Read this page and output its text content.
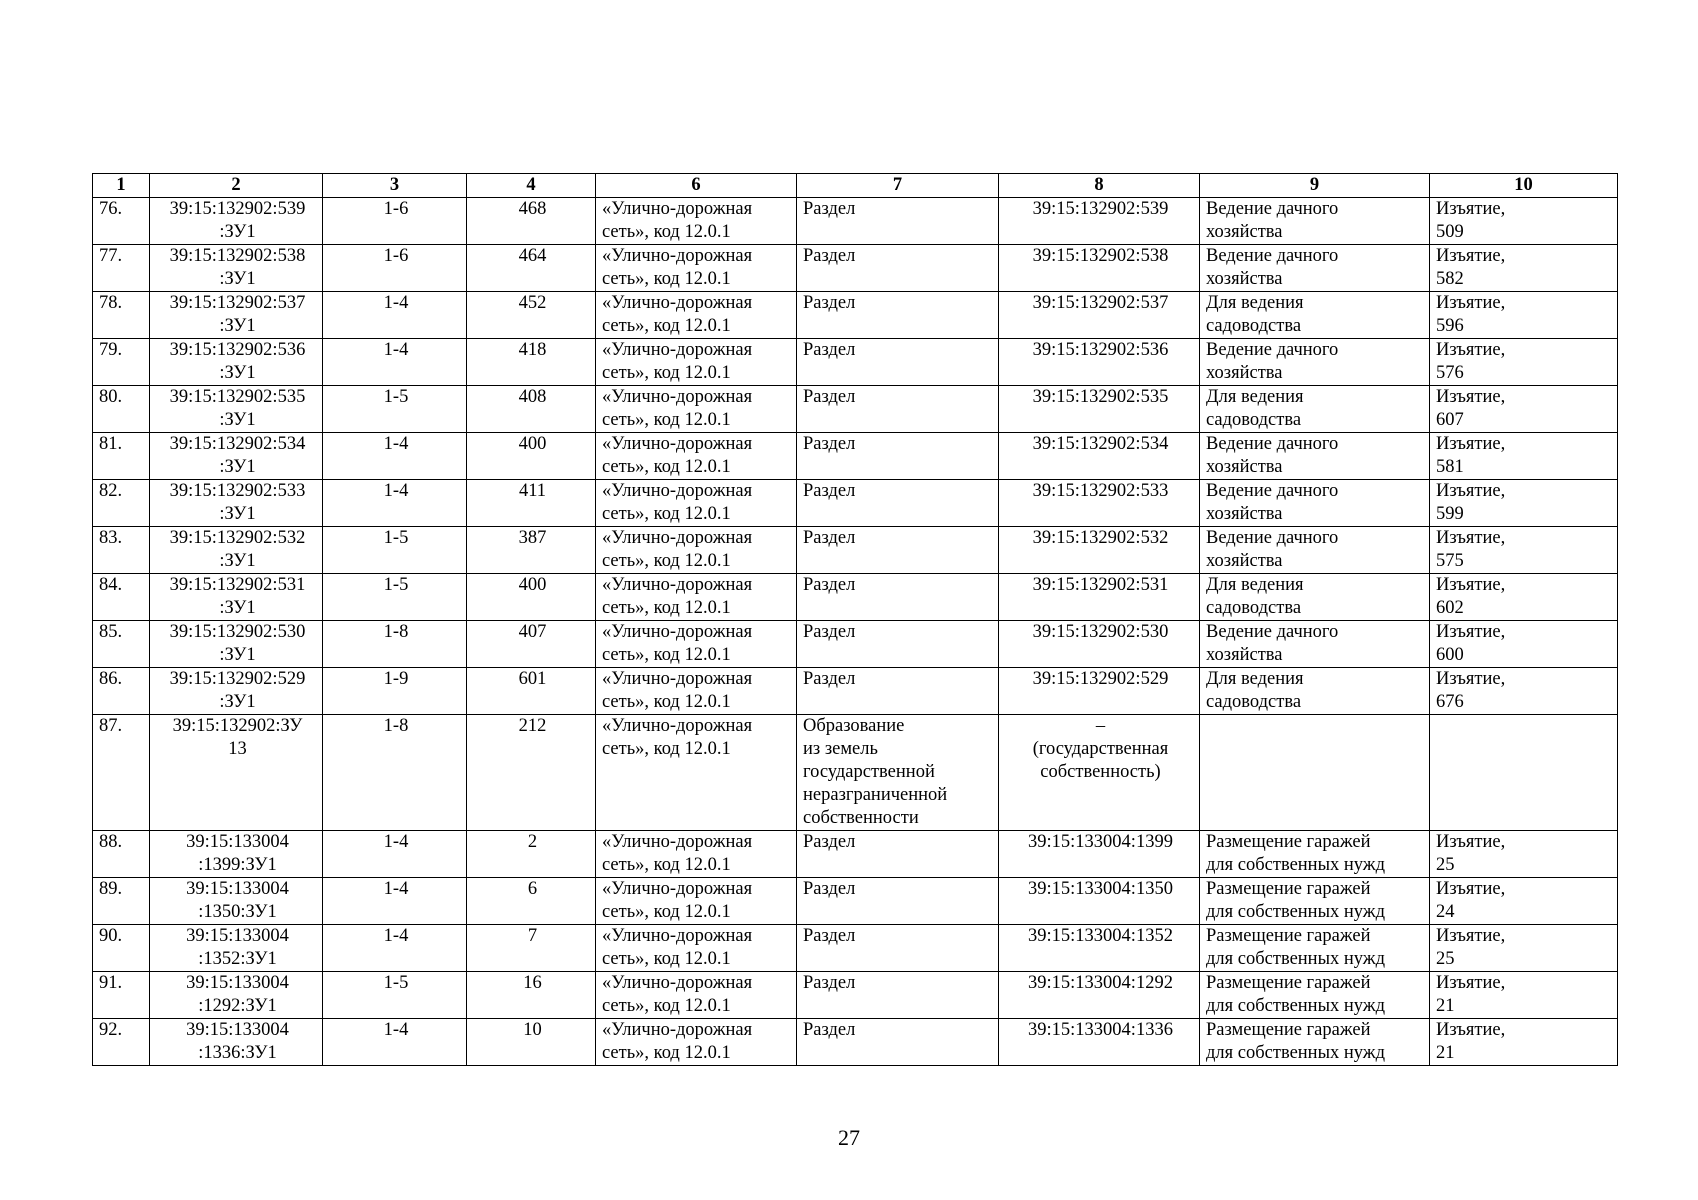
1	2	3	4	6	7	8	9	10
76.	39:15:132902:539
:ЗУ1	1-6	468	«Улично-дорожная
сеть», код 12.0.1	Раздел	39:15:132902:539	Ведение дачного
хозяйства	Изъятие,
509

77.	39:15:132902:538
:ЗУ1	1-6	464	«Улично-дорожная
сеть», код 12.0.1	Раздел	39:15:132902:538	Ведение дачного
хозяйства	Изъятие,
582

78.	39:15:132902:537
:ЗУ1	1-4	452	«Улично-дорожная
сеть», код 12.0.1	Раздел	39:15:132902:537	Для ведения
садоводства	Изъятие,
596

79.	39:15:132902:536
:ЗУ1	1-4	418	«Улично-дорожная
сеть», код 12.0.1	Раздел	39:15:132902:536	Ведение дачного
хозяйства	Изъятие,
576

80.	39:15:132902:535
:ЗУ1	1-5	408	«Улично-дорожная
сеть», код 12.0.1	Раздел	39:15:132902:535	Для ведения
садоводства	Изъятие,
607

81.	39:15:132902:534
:ЗУ1	1-4	400	«Улично-дорожная
сеть», код 12.0.1	Раздел	39:15:132902:534	Ведение дачного
хозяйства	Изъятие,
581

82.	39:15:132902:533
:ЗУ1	1-4	411	«Улично-дорожная
сеть», код 12.0.1	Раздел	39:15:132902:533	Ведение дачного
хозяйства	Изъятие,
599

83.	39:15:132902:532
:ЗУ1	1-5	387	«Улично-дорожная
сеть», код 12.0.1	Раздел	39:15:132902:532	Ведение дачного
хозяйства	Изъятие,
575

84.	39:15:132902:531
:ЗУ1	1-5	400	«Улично-дорожная
сеть», код 12.0.1	Раздел	39:15:132902:531	Для ведения
садоводства	Изъятие,
602

85.	39:15:132902:530
:ЗУ1	1-8	407	«Улично-дорожная
сеть», код 12.0.1	Раздел	39:15:132902:530	Ведение дачного
хозяйства	Изъятие,
600

86.	39:15:132902:529
:ЗУ1	1-9	601	«Улично-дорожная
сеть», код 12.0.1	Раздел	39:15:132902:529	Для ведения
садоводства	Изъятие,
676

87.	39:15:132902:ЗУ
13	1-8	212	«Улично-дорожная
сеть», код 12.0.1	Образование
из земель
государственной
неразграниченной
собственности	–
(государственная
собственность)		

88.	39:15:133004
:1399:ЗУ1	1-4	2	«Улично-дорожная
сеть», код 12.0.1	Раздел	39:15:133004:1399	Размещение гаражей
для собственных нужд	Изъятие,
25

89.	39:15:133004
:1350:ЗУ1	1-4	6	«Улично-дорожная
сеть», код 12.0.1	Раздел	39:15:133004:1350	Размещение гаражей
для собственных нужд	Изъятие,
24

90.	39:15:133004
:1352:ЗУ1	1-4	7	«Улично-дорожная
сеть», код 12.0.1	Раздел	39:15:133004:1352	Размещение гаражей
для собственных нужд	Изъятие,
25

91.	39:15:133004
:1292:ЗУ1	1-5	16	«Улично-дорожная
сеть», код 12.0.1	Раздел	39:15:133004:1292	Размещение гаражей
для собственных нужд	Изъятие,
21

92.	39:15:133004
:1336:ЗУ1	1-4	10	«Улично-дорожная
сеть», код 12.0.1	Раздел	39:15:133004:1336	Размещение гаражей
для собственных нужд	Изъятие,
21
27
